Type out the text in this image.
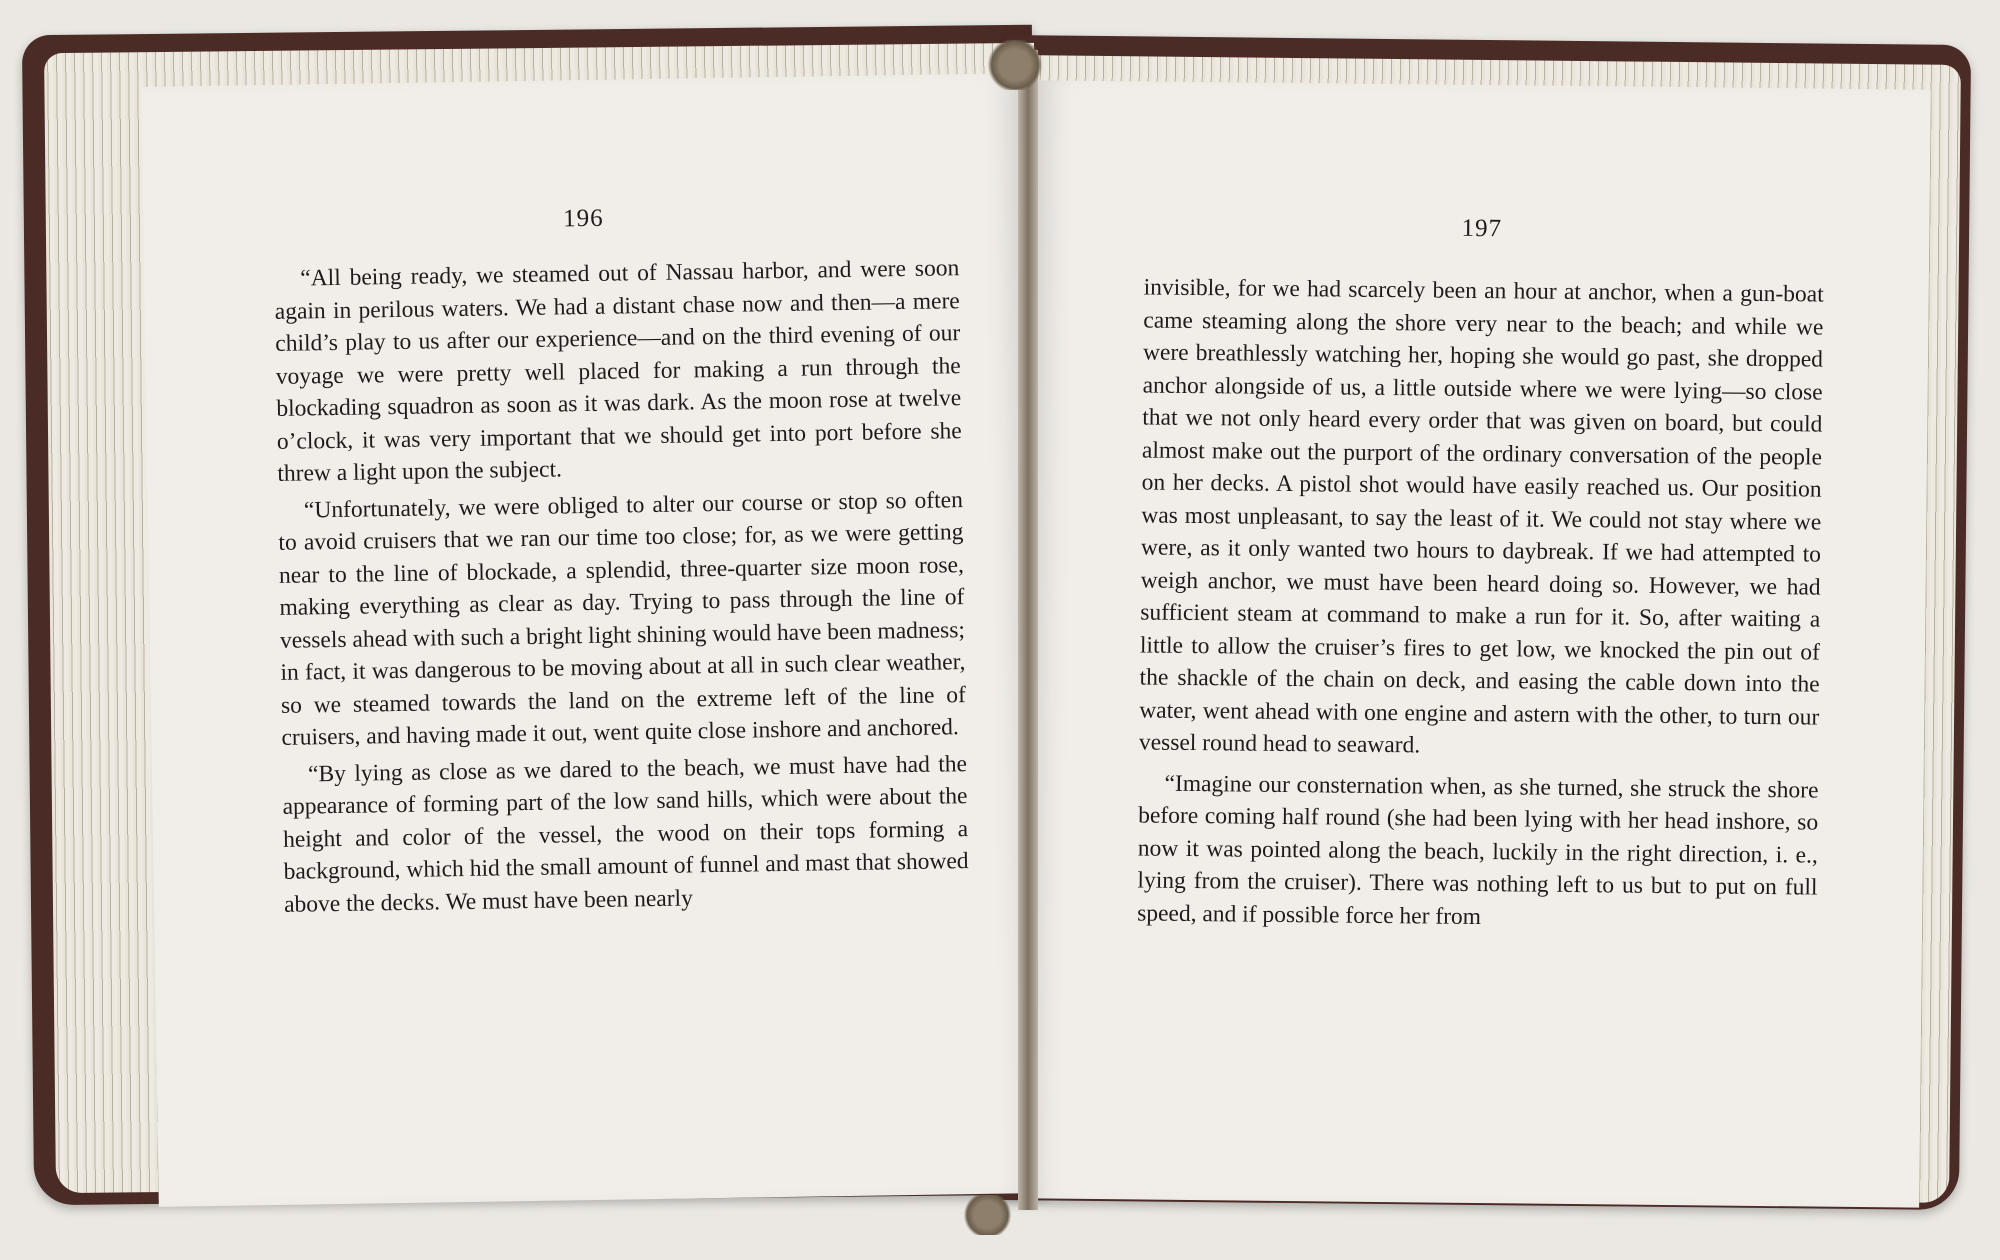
196

“All being ready, we steamed out of Nassau harbor, and were soon again in perilous waters. We had a distant chase now and then—a mere child’s play to us after our experience—and on the third evening of our voyage we were pretty well placed for making a run through the blockading squadron as soon as it was dark. As the moon rose at twelve o’clock, it was very important that we should get into port before she threw a light upon the subject.

“Unfortunately, we were obliged to alter our course or stop so often to avoid cruisers that we ran our time too close; for, as we were getting near to the line of blockade, a splendid, three-quarter size moon rose, making everything as clear as day. Trying to pass through the line of vessels ahead with such a bright light shining would have been madness; in fact, it was dangerous to be moving about at all in such clear weather, so we steamed towards the land on the extreme left of the line of cruisers, and having made it out, went quite close inshore and anchored.

“By lying as close as we dared to the beach, we must have had the appearance of forming part of the low sand hills, which were about the height and color of the vessel, the wood on their tops forming a background, which hid the small amount of funnel and mast that showed above the decks. We must have been nearly

197

invisible, for we had scarcely been an hour at anchor, when a gun-boat came steaming along the shore very near to the beach; and while we were breathlessly watching her, hoping she would go past, she dropped anchor alongside of us, a little outside where we were lying—so close that we not only heard every order that was given on board, but could almost make out the purport of the ordinary conversation of the people on her decks. A pistol shot would have easily reached us. Our position was most unpleasant, to say the least of it. We could not stay where we were, as it only wanted two hours to daybreak. If we had attempted to weigh anchor, we must have been heard doing so. However, we had sufficient steam at command to make a run for it. So, after waiting a little to allow the cruiser’s fires to get low, we knocked the pin out of the shackle of the chain on deck, and easing the cable down into the water, went ahead with one engine and astern with the other, to turn our vessel round head to seaward.

“Imagine our consternation when, as she turned, she struck the shore before coming half round (she had been lying with her head inshore, so now it was pointed along the beach, luckily in the right direction, i. e., lying from the cruiser). There was nothing left to us but to put on full speed, and if possible force her from
